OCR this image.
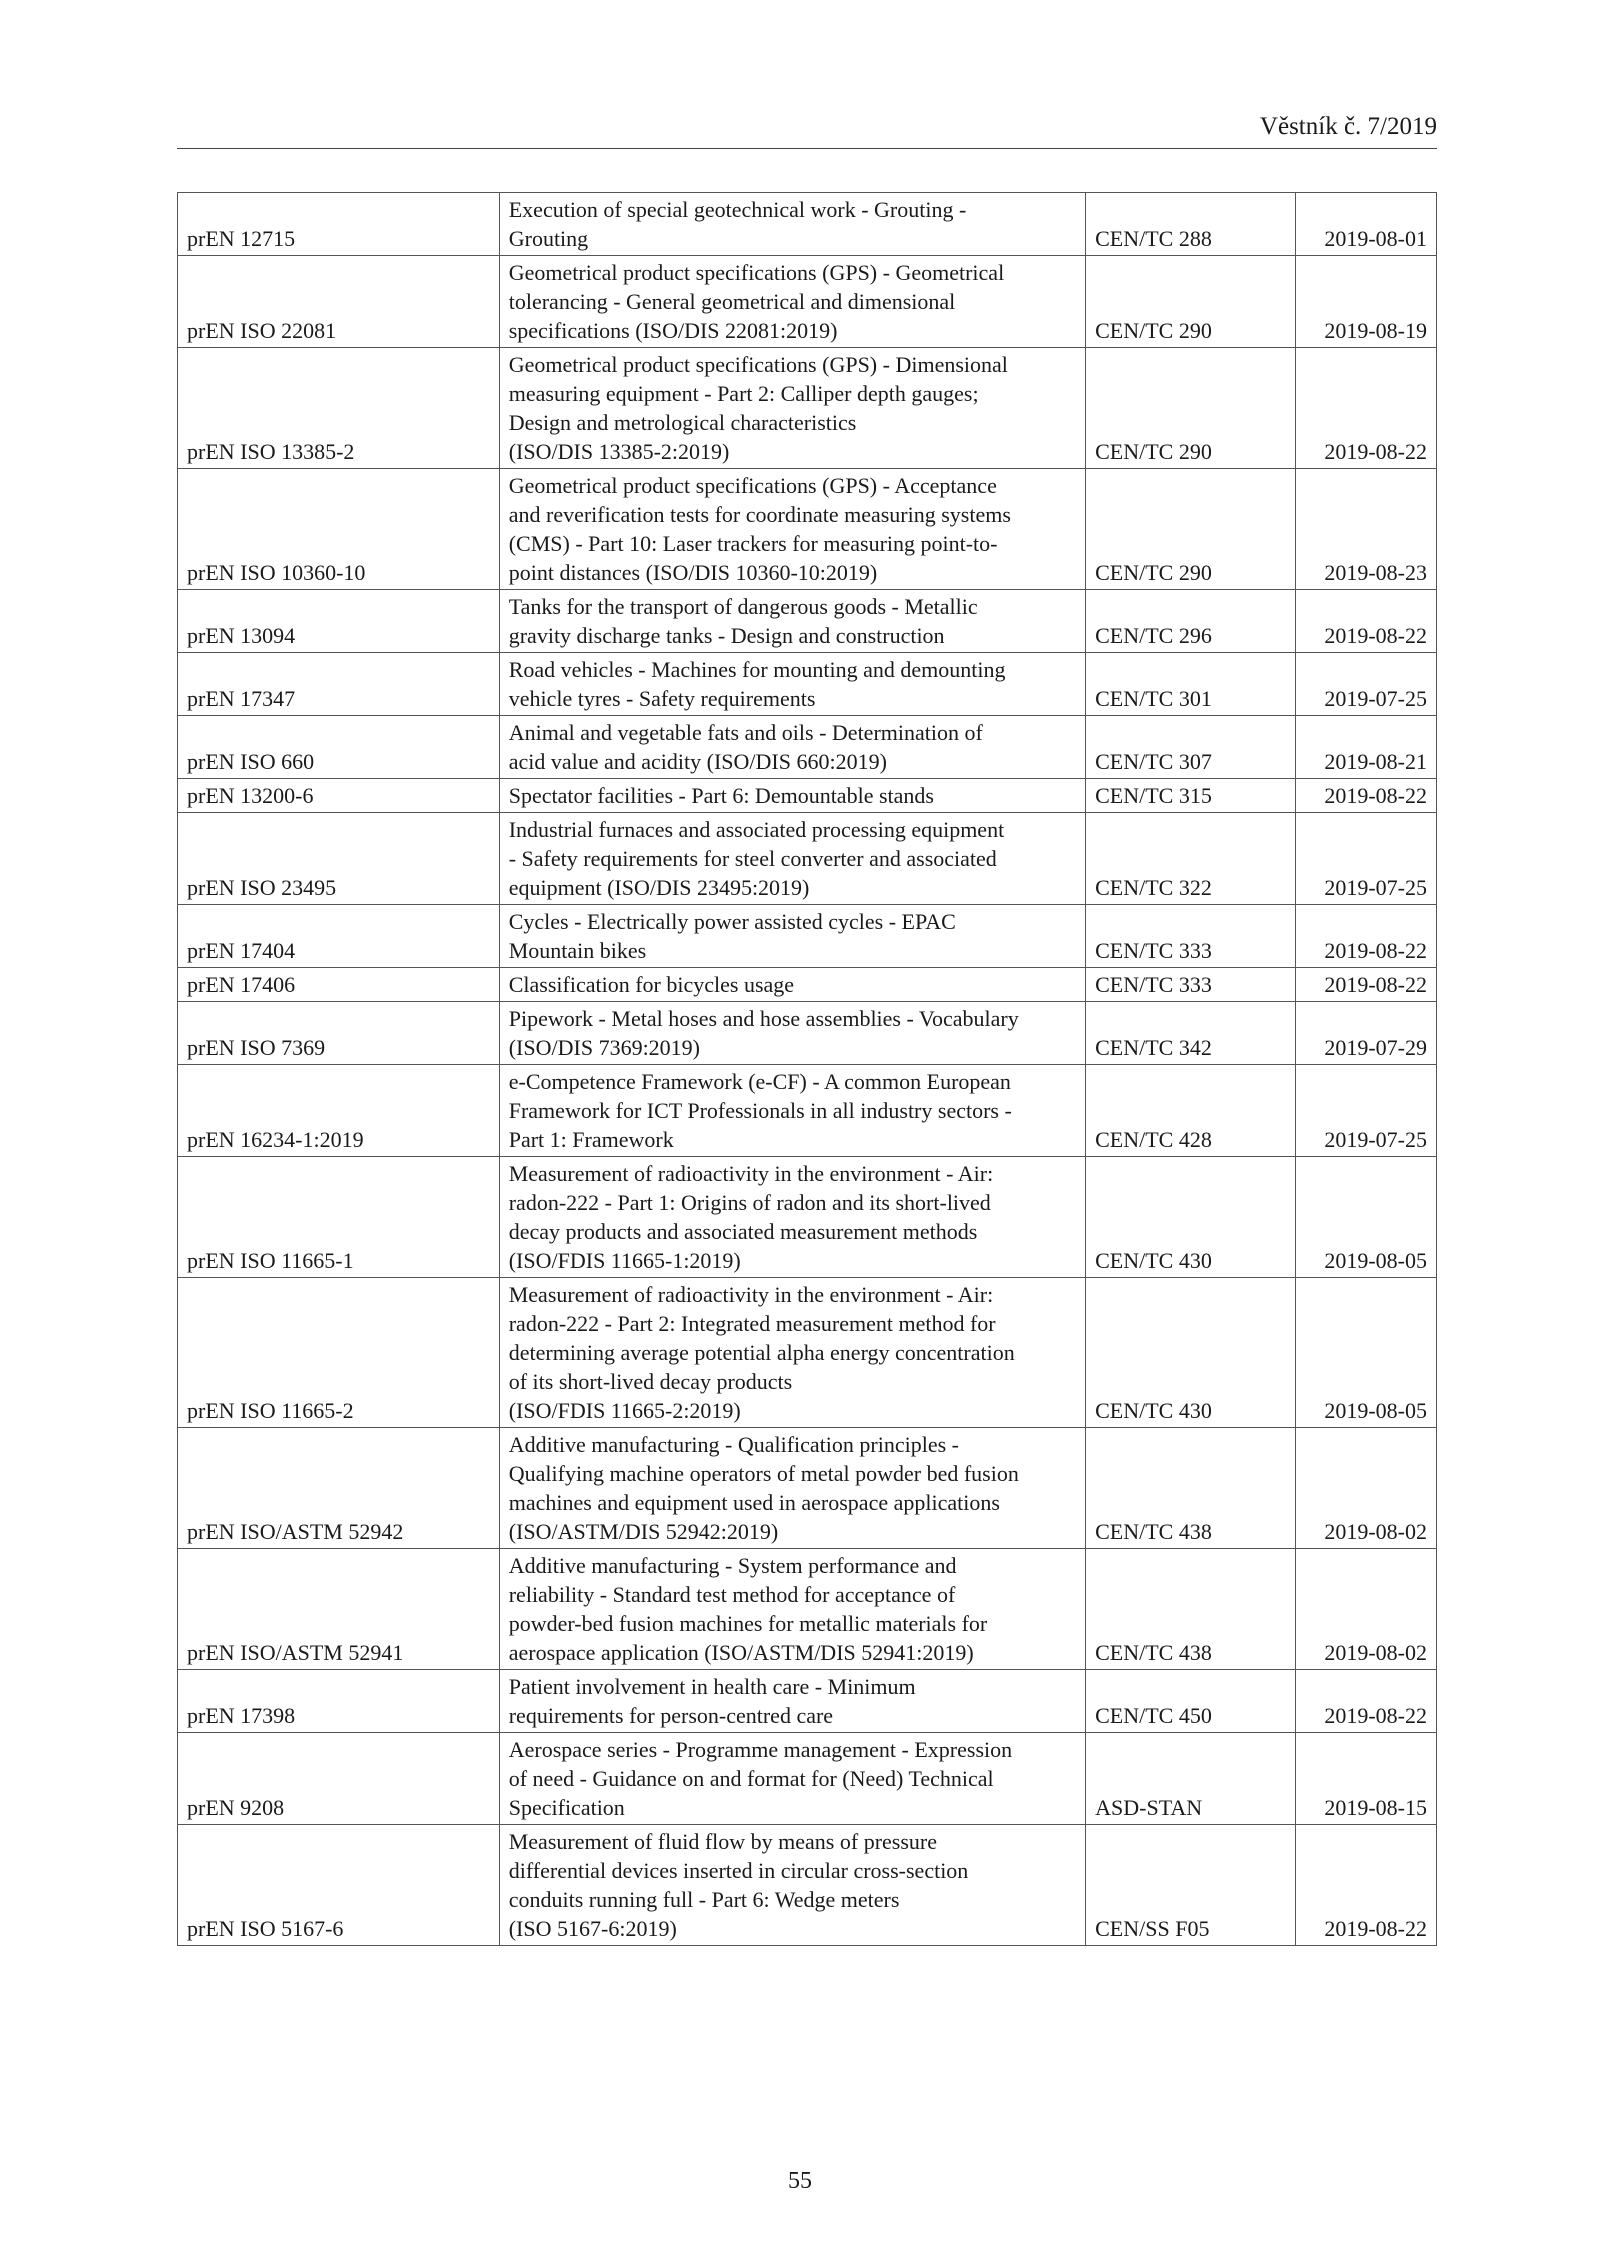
Věstník č. 7/2019
prEN 12715	Execution of special geotechnical work - Grouting -
Grouting	CEN/TC 288	2019-08-01
prEN ISO 22081	Geometrical product specifications (GPS) - Geometrical
tolerancing - General geometrical and dimensional
specifications (ISO/DIS 22081:2019)	CEN/TC 290	2019-08-19
prEN ISO 13385-2	Geometrical product specifications (GPS) - Dimensional
measuring equipment - Part 2: Calliper depth gauges;
Design and metrological characteristics
(ISO/DIS 13385-2:2019)	CEN/TC 290	2019-08-22
prEN ISO 10360-10	Geometrical product specifications (GPS) - Acceptance
and reverification tests for coordinate measuring systems
(CMS) - Part 10: Laser trackers for measuring point-to-
point distances (ISO/DIS 10360-10:2019)	CEN/TC 290	2019-08-23
prEN 13094	Tanks for the transport of dangerous goods - Metallic
gravity discharge tanks - Design and construction	CEN/TC 296	2019-08-22
prEN 17347	Road vehicles - Machines for mounting and demounting
vehicle tyres - Safety requirements	CEN/TC 301	2019-07-25
prEN ISO 660	Animal and vegetable fats and oils - Determination of
acid value and acidity (ISO/DIS 660:2019)	CEN/TC 307	2019-08-21
prEN 13200-6	Spectator facilities - Part 6: Demountable stands	CEN/TC 315	2019-08-22
prEN ISO 23495	Industrial furnaces and associated processing equipment
- Safety requirements for steel converter and associated
equipment (ISO/DIS 23495:2019)	CEN/TC 322	2019-07-25
prEN 17404	Cycles - Electrically power assisted cycles - EPAC
Mountain bikes	CEN/TC 333	2019-08-22
prEN 17406	Classification for bicycles usage	CEN/TC 333	2019-08-22
prEN ISO 7369	Pipework - Metal hoses and hose assemblies - Vocabulary
(ISO/DIS 7369:2019)	CEN/TC 342	2019-07-29
prEN 16234-1:2019	e-Competence Framework (e-CF) - A common European
Framework for ICT Professionals in all industry sectors -
Part 1: Framework	CEN/TC 428	2019-07-25
prEN ISO 11665-1	Measurement of radioactivity in the environment - Air:
radon-222 - Part 1: Origins of radon and its short-lived
decay products and associated measurement methods
(ISO/FDIS 11665-1:2019)	CEN/TC 430	2019-08-05
prEN ISO 11665-2	Measurement of radioactivity in the environment - Air:
radon-222 - Part 2: Integrated measurement method for
determining average potential alpha energy concentration
of its short-lived decay products
(ISO/FDIS 11665-2:2019)	CEN/TC 430	2019-08-05
prEN ISO/ASTM 52942	Additive manufacturing - Qualification principles -
Qualifying machine operators of metal powder bed fusion
machines and equipment used in aerospace applications
(ISO/ASTM/DIS 52942:2019)	CEN/TC 438	2019-08-02
prEN ISO/ASTM 52941	Additive manufacturing - System performance and
reliability - Standard test method for acceptance of
powder-bed fusion machines for metallic materials for
aerospace application (ISO/ASTM/DIS 52941:2019)	CEN/TC 438	2019-08-02
prEN 17398	Patient involvement in health care - Minimum
requirements for person-centred care	CEN/TC 450	2019-08-22
prEN 9208	Aerospace series - Programme management - Expression
of need - Guidance on and format for (Need) Technical
Specification	ASD-STAN	2019-08-15
prEN ISO 5167-6	Measurement of fluid flow by means of pressure
differential devices inserted in circular cross-section
conduits running full - Part 6: Wedge meters
(ISO 5167-6:2019)	CEN/SS F05	2019-08-22
55
